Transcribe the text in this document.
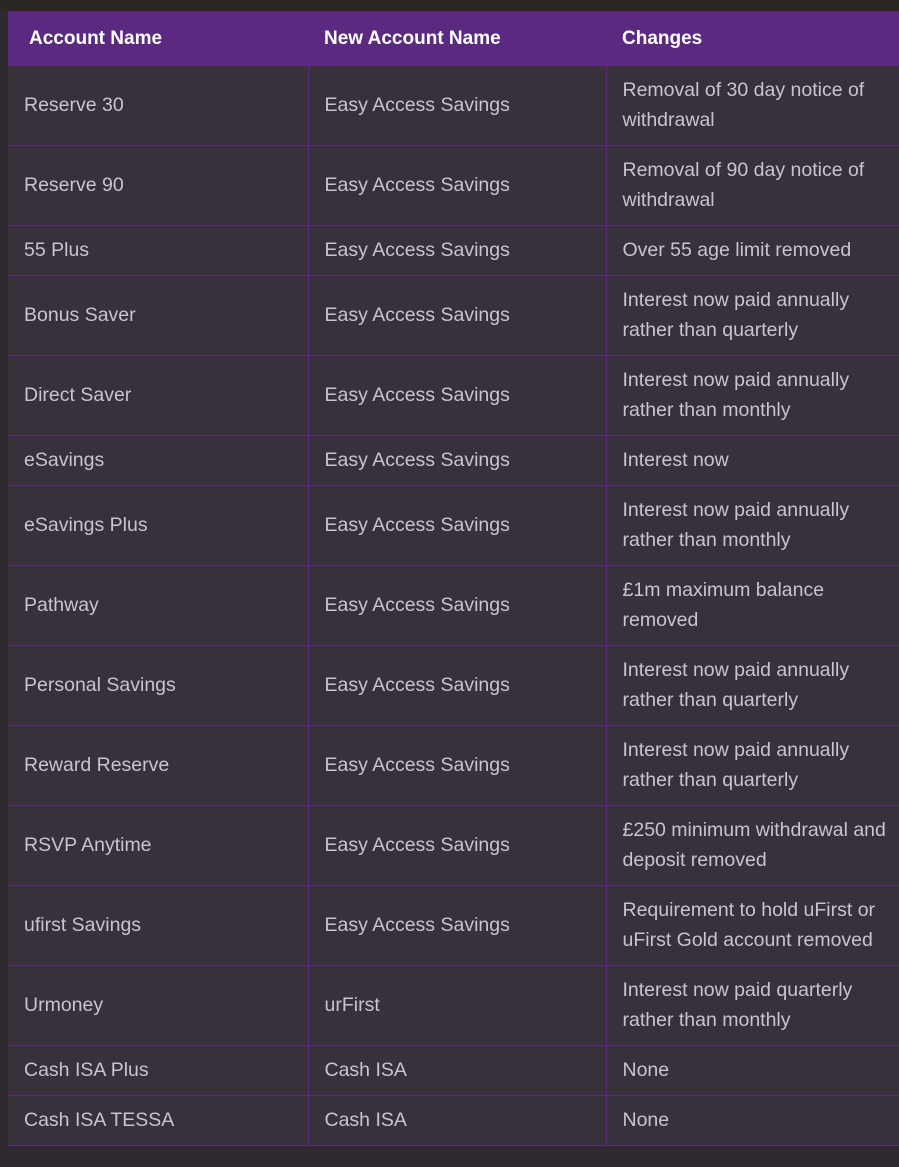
Account Name	New Account Name	Changes
Reserve 30	Easy Access Savings	Removal of 30 day notice of withdrawal
Reserve 90	Easy Access Savings	Removal of 90 day notice of withdrawal
55 Plus	Easy Access Savings	Over 55 age limit removed
Bonus Saver	Easy Access Savings	Interest now paid annually rather than quarterly
Direct Saver	Easy Access Savings	Interest now paid annually rather than monthly
eSavings	Easy Access Savings	Interest now
eSavings Plus	Easy Access Savings	Interest now paid annually rather than monthly
Pathway	Easy Access Savings	£1m maximum balance removed
Personal Savings	Easy Access Savings	Interest now paid annually rather than quarterly
Reward Reserve	Easy Access Savings	Interest now paid annually rather than quarterly
RSVP Anytime	Easy Access Savings	£250 minimum withdrawal and deposit removed
ufirst Savings	Easy Access Savings	Requirement to hold uFirst or uFirst Gold account removed
Urmoney	urFirst	Interest now paid quarterly rather than monthly
Cash ISA Plus	Cash ISA	None
Cash ISA TESSA	Cash ISA	None
